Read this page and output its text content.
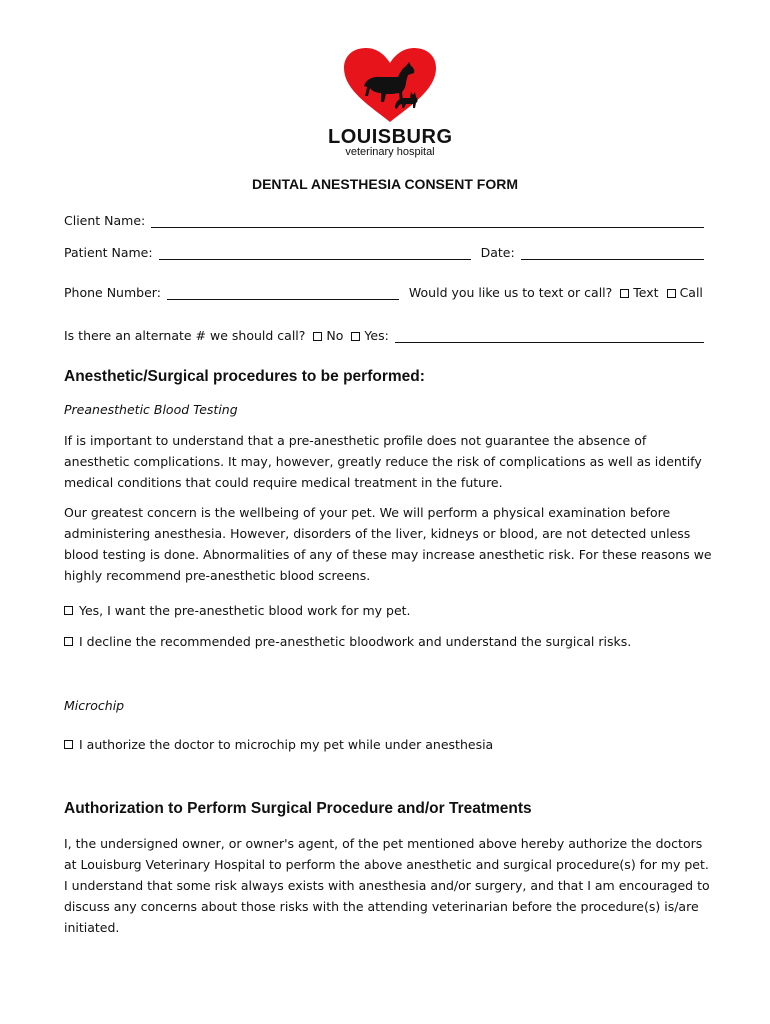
LOUISBURG
veterinary hospital
DENTAL ANESTHESIA CONSENT FORM
Client Name:
Patient Name:	Date:
Phone Number:	Would you like us to text or call? Text Call
Is there an alternate # we should call? No Yes:
Anesthetic/Surgical procedures to be performed:
Preanesthetic Blood Testing
If is important to understand that a pre-anesthetic profile does not guarantee the absence of anesthetic complications. It may, however, greatly reduce the risk of complications as well as identify medical conditions that could require medical treatment in the future.
Our greatest concern is the wellbeing of your pet. We will perform a physical examination before administering anesthesia. However, disorders of the liver, kidneys or blood, are not detected unless blood testing is done. Abnormalities of any of these may increase anesthetic risk. For these reasons we highly recommend pre-anesthetic blood screens.
Yes, I want the pre-anesthetic blood work for my pet.
I decline the recommended pre-anesthetic bloodwork and understand the surgical risks.
Microchip
I authorize the doctor to microchip my pet while under anesthesia
Authorization to Perform Surgical Procedure and/or Treatments
I, the undersigned owner, or owner's agent, of the pet mentioned above hereby authorize the doctors at Louisburg Veterinary Hospital to perform the above anesthetic and surgical procedure(s) for my pet. I understand that some risk always exists with anesthesia and/or surgery, and that I am encouraged to discuss any concerns about those risks with the attending veterinarian before the procedure(s) is/are initiated.
